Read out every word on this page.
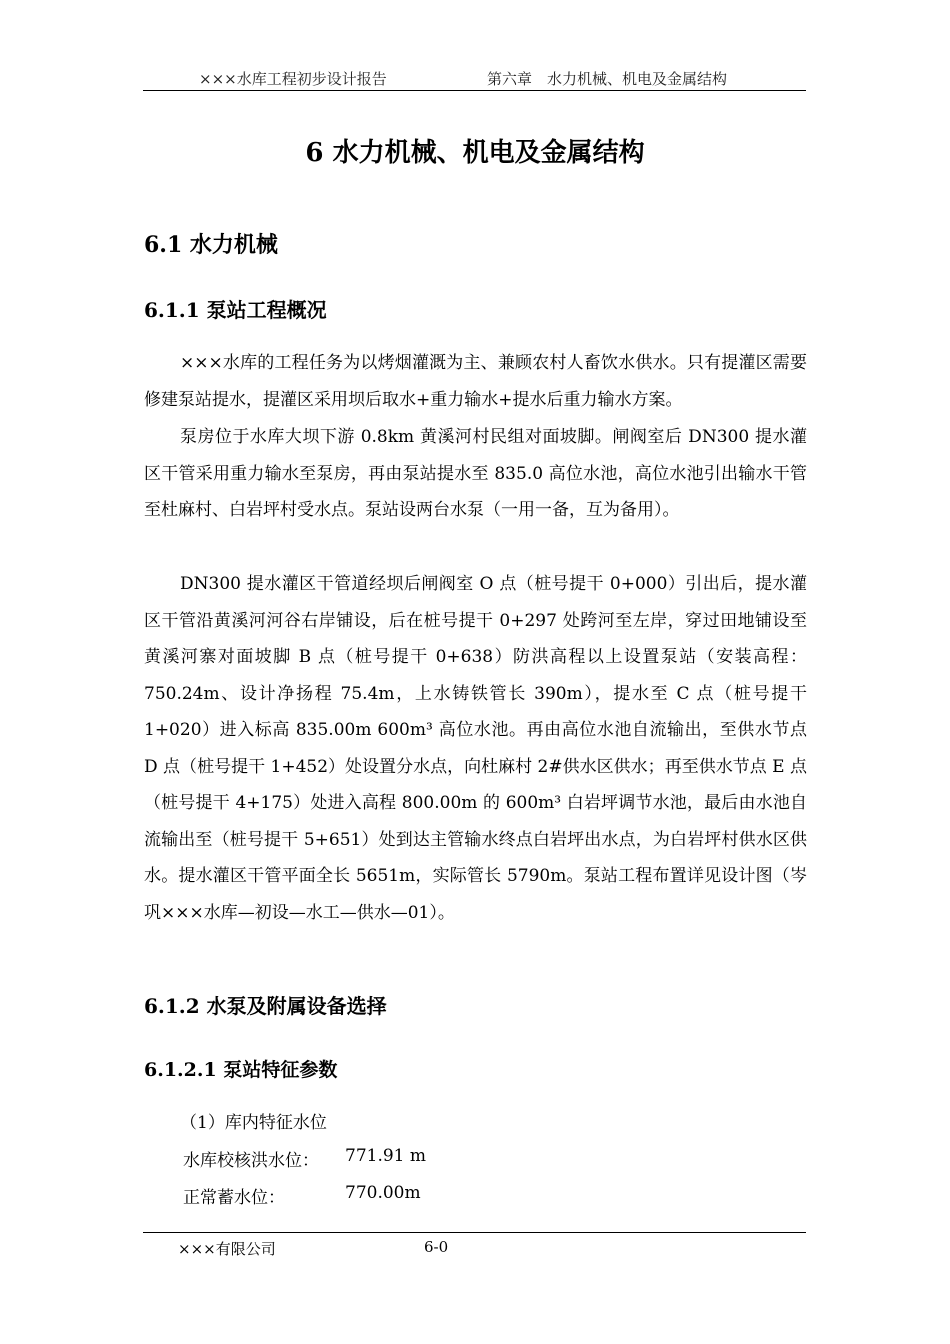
×××水库工程初步设计报告	第六章　水力机械、机电及金属结构
6 水力机械、机电及金属结构
6.1 水力机械
6.1.1 泵站工程概况

×××水库的工程任务为以烤烟灌溉为主、兼顾农村人畜饮水供水。只有提灌区需要修建泵站提水，提灌区采用坝后取水+重力输水+提水后重力输水方案。

泵房位于水库大坝下游 0.8km 黄溪河村民组对面坡脚。闸阀室后 DN300 提水灌区干管采用重力输水至泵房，再由泵站提水至 835.0 高位水池，高位水池引出输水干管至杜麻村、白岩坪村受水点。泵站设两台水泵（一用一备，互为备用）。

DN300 提水灌区干管道经坝后闸阀室 O 点（桩号提干 0+000）引出后，提水灌区干管沿黄溪河河谷右岸铺设，后在桩号提干 0+297 处跨河至左岸，穿过田地铺设至黄溪河寨对面坡脚 B 点（桩号提干 0+638）防洪高程以上设置泵站（安装高程：750.24m、设计净扬程 75.4m，上水铸铁管长 390m），提水至 C 点（桩号提干 1+020）进入标高 835.00m 600m³ 高位水池。再由高位水池自流输出，至供水节点 D 点（桩号提干 1+452）处设置分水点，向杜麻村 2#供水区供水；再至供水节点 E 点（桩号提干 4+175）处进入高程 800.00m 的 600m³ 白岩坪调节水池，最后由水池自流输出至（桩号提干 5+651）处到达主管输水终点白岩坪出水点，为白岩坪村供水区供水。提水灌区干管平面全长 5651m，实际管长 5790m。泵站工程布置详见设计图（岑巩×××水库—初设—水工—供水—01）。

6.1.2 水泵及附属设备选择
6.1.2.1 泵站特征参数
（1）库内特征水位
水库校核洪水位： 771.91 m
正常蓄水位：	770.00m
×××有限公司	6-0
